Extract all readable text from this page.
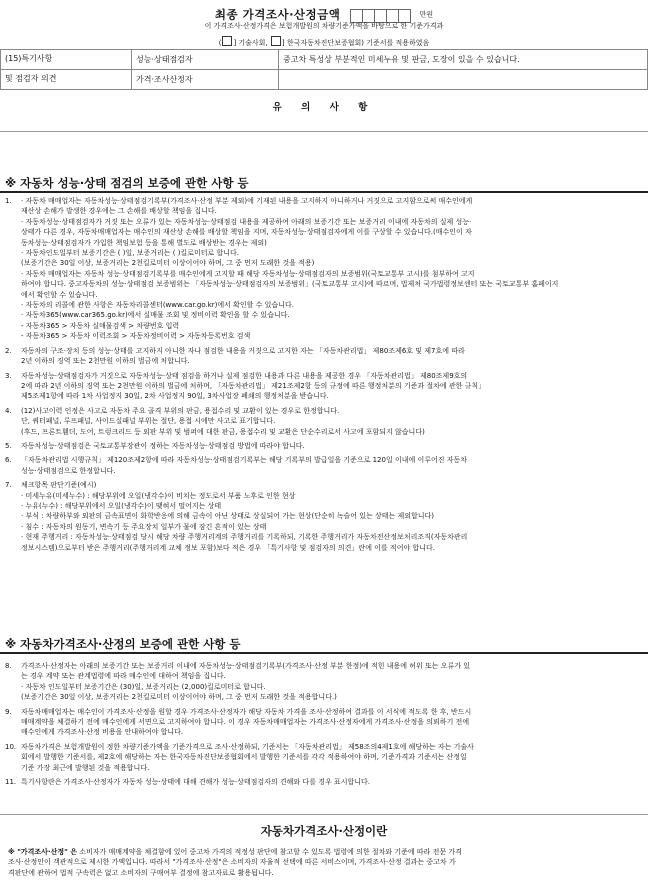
최종 가격조사·산정금액	만원
이 가격조사·산정가격은 보험개발원의 차량기준가액을 바탕으로 한 기준가격과
( ] 기술사회, ] 한국자동차진단보증협회) 기준서를 적용하였음
(15)특기사항	성능·상태점검자	중고차 특성상 부분적인 미세누유 및 판금, 도장이 있을 수 있습니다.
및 점검자 의견	가격·조사산정자	
유 의 사 항
※ 자동차 성능·상태 점검의 보증에 관한 사항 등
1.	· 자동차 매매업자는 자동차성능·상태점검기록부(가격조사·산정 부분 제외)에 기재된 내용을 고지하지 아니하거나 거짓으로 고지함으로써 매수인에게
재산상 손해가 발생한 경우에는 그 손해를 배상할 책임을 집니다.
· 자동차성능·상태점검자가 거짓 또는 오류가 있는 자동차성능·상태점검 내용을 제공하여 아래의 보증기간 또는 보증거리 이내에 자동차의 실제 성능·
상태가 다른 경우, 자동차매매업자는 매수인의 재산상 손해를 배상할 책임을 지며, 자동차성능·상태점검자에게 이를 구상할 수 있습니다.(매수인이 자
동차성능·상태점검자가 가입한 책임보험 등을 통해 별도로 배상받는 경우는 제외)
· 자동차인도일부터 보증기간은 ( )일, 보증거리는 ( )킬로미터로 합니다.
(보증기간은 30일 이상, 보증거리는 2천킬로미터 이상이어야 하며, 그 중 먼저 도래한 것을 적용)
· 자동차 매매업자는 자동차 성능·상태점검기록부를 매수인에게 고지할 때 해당 자동차성능·상태점검자의 보증범위(국토교통부 고시)를 첨부하여 고지
하여야 합니다. 중고자동차의 성능·상태점검 보증범위는 「자동차성능·상태점검자의 보증범위」(국토교통부 고시)에 따르며, 법제처 국가법령정보센터 또는 국토교통부 홈페이지
에서 확인할 수 있습니다.
· 자동차의 리콜에 관한 사항은 자동차리콜센터(www.car.go.kr)에서 확인할 수 있습니다.
· 자동차365(www.car365.go.kr)에서 실매물 조회 및 정비이력 확인을 할 수 있습니다.
- 자동차365 > 자동차 실매물검색 > 차량번호 입력
- 자동차365 > 자동차 이력조회 > 자동차정비이력 > 자동차등록번호 검색
2.	자동차의 구조·장치 등의 성능·상태를 고지하지 아니한 자나 점검한 내용을 거짓으로 고지한 자는 「자동차관리법」 제80조제6호 및 제7호에 따라
2년 이하의 징역 또는 2천만원 이하의 벌금에 처합니다.
3.	자동차성능·상태점검자가 거짓으로 자동차성능·상태 점검을 하거나 실제 점검한 내용과 다른 내용을 제공한 경우 「자동차관리법」 제80조제9호의
2에 따라 2년 이하의 징역 또는 2천만원 이하의 벌금에 처하며, 「자동차관리법」 제21조제2항 등의 규정에 따른 행정처분의 기준과 절차에 관한 규칙」
제5조제1항에 따라 1차 사업정지 30일, 2차 사업정지 90일, 3차사업장 폐쇄의 행정처분을 받습니다.
4.	(12)사고이력 인정은 사고로 자동차 주요 골격 부위의 판금, 용접수리 및 교환이 있는 경우로 한정합니다.
단, 쿼터패널, 루프패널, 사이드실패널 부위는 절단, 용접 시에만 사고로 표기합니다.
(후드, 프론트휀더, 도어, 트렁크리드 등 외판 부위 및 범퍼에 대한 판금, 용접수리 및 교환은 단순수리로서 사고에 포함되지 않습니다)
5.	자동차성능·상태점검은 국토교통부장관이 정하는 자동차성능·상태점검 방법에 따라야 합니다.
6.	「자동차관리법 시행규칙」 제120조제2항에 따라 자동차성능·상태점검기록부는 해당 기록부의 발급일을 기준으로 120일 이내에 이루어진 자동차
성능·상태점검으로 한정합니다.
7.	체크항목 판단기준(예시)
· 미세누유(미세누수) : 해당부위에 오일(냉각수)이 비치는 정도로서 부품 노후로 인한 현상
· 누유(누수) : 해당부위에서 오일(냉각수)이 맺혀서 떨어지는 상태
· 부식 : 차량하부와 외판의 금속표면이 화학반응에 의해 금속이 아닌 상태로 상실되어 가는 현상(단순히 녹슬어 있는 상태는 제외합니다)
· 침수 : 자동차의 원동기, 변속기 등 주요장치 일부가 물에 잠긴 흔적이 있는 상태
· 현재 주행거리 : 자동차성능·상태점검 당시 해당 차량 주행거리계의 주행거리를 기록하되, 기록한 주행거리가 자동차전산정보처리조직(자동차관리
정보시스템)으로부터 받은 주행거리(주행거리계 교체 정보 포함)보다 적은 경우 「특기사항 및 점검자의 의견」란에 이를 적어야 합니다.
※ 자동차가격조사·산정의 보증에 관한 사항 등
8.	가격조사·산정자는 아래의 보증기간 또는 보증거리 이내에 자동차성능·상태점검기록부(가격조사·산정 부분 한정)에 적힌 내용에 허위 또는 오류가 있
는 경우 계약 또는 관계법령에 따라 매수인에 대하여 책임을 집니다.
· 자동차 인도일부터 보증기간은 (30)일, 보증거리는 (2,000)킬로미터로 합니다.
(보증기간은 30일 이상, 보증거리는 2천킬로미터 이상이어야 하며, 그 중 먼저 도래한 것을 적용합니다.)
9.	자동차매매업자는 매수인이 가격조사·산정을 원할 경우 가격조사·산정자가 해당 자동차 가격을 조사·산정하여 결과를 이 서식에 적도록 한 후, 반드시
매매계약을 체결하기 전에 매수인에게 서면으로 고지하여야 합니다. 이 경우 자동차매매업자는 가격조사·산정자에게 가격조사·산정을 의뢰하기 전에
매수인에게 가격조사·산정 비용을 안내하여야 합니다.
10. 자동차가격은 보험개발원이 정한 차량기준가액을 기준가격으로 조사·산정하되, 기준서는 「자동차관리법」 제58조의4제1호에 해당하는 자는 기술사
회에서 발행한 기준서를, 제2호에 해당하는 자는 한국자동차진단보증협회에서 발행한 기준서를 각각 적용하여야 하며, 기준가격과 기준서는 산정일
기준 가장 최근에 발행된 것을 적용합니다.
11. 특기사항란은 가격조사·산정자가 자동차 성능·상태에 대해 견해가 성능·상태점검자의 견해와 다를 경우 표시합니다.
자동차가격조사·산정이란
※ "가격조사·산정" 은 소비자가 매매계약을 체결함에 있어 중고차 가격의 적정성 판단에 참고할 수 있도록 법령에 의한 절차와 기준에 따라 전문 가격
조사·산정인이 객관적으로 제시한 가액입니다. 따라서 "가격조사·산정"은 소비자의 자율적 선택에 따른 서비스이며, 가격조사·산정 결과는 중고차 가
격판단에 관하여 법적 구속력은 없고 소비자의 구매여부 결정에 참고자료로 활용됩니다.
